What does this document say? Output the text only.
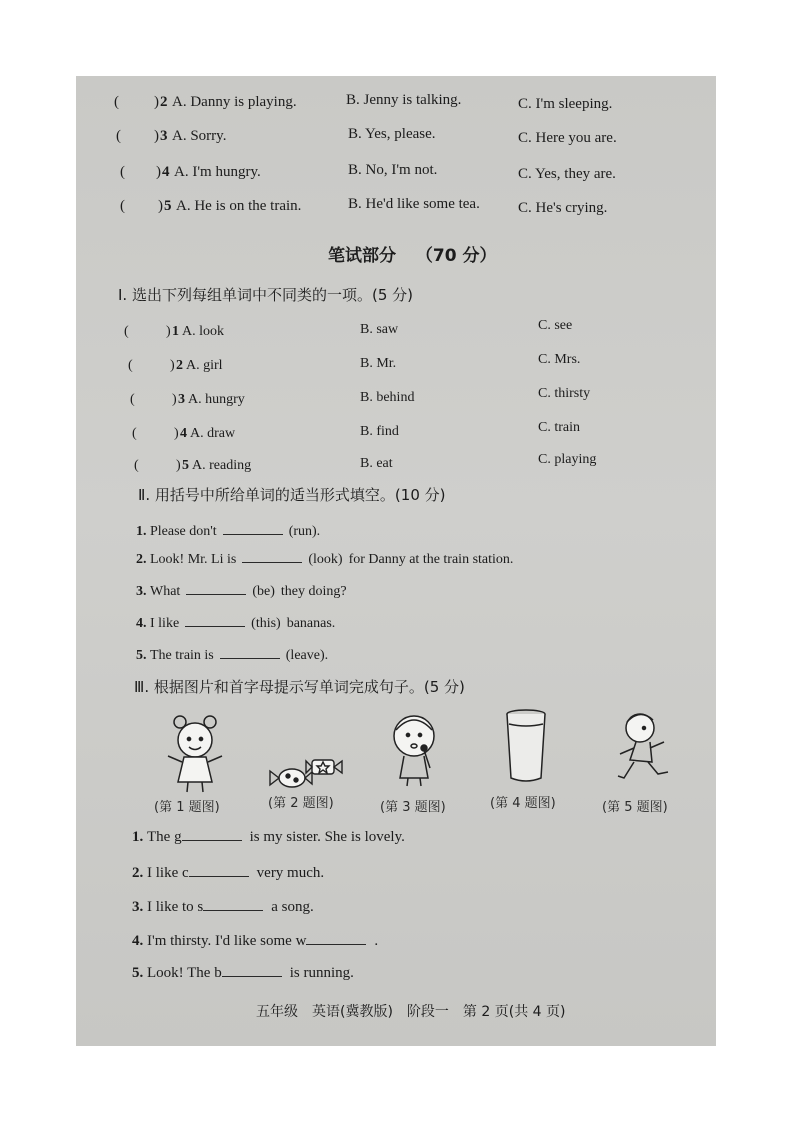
( ) 2 A. Danny is playing.	B. Jenny is talking.	C. I'm sleeping.
( ) 3 A. Sorry.	B. Yes, please.	C. Here you are.
( ) 4 A. I'm hungry.	B. No, I'm not.	C. Yes, they are.
( ) 5 A. He is on the train.	B. He'd like some tea.	C. He's crying.
笔试部分 （70 分）
Ⅰ. 选出下列每组单词中不同类的一项。(5 分)
(	) 1 A. look	B. saw	C. see
(	) 2 A. girl	B. Mr.	C. Mrs.
(	) 3 A. hungry	B. behind	C. thirsty
(	) 4 A. draw	B. find	C. train
(	) 5 A. reading	B. eat	C. playing
Ⅱ. 用括号中所给单词的适当形式填空。(10 分)
1. Please don't	(run).
2. Look! Mr. Li is	(look) for Danny at the train station.
3. What	(be) they doing?
4. I like	(this) bananas.
5. The train is	(leave).
Ⅲ. 根据图片和首字母提示写单词完成句子。(5 分)
(第 1 题图)	(第 2 题图)	(第 3 题图)	(第 4 题图)	(第 5 题图)
1. The g	is my sister. She is lovely.
2. I like c	very much.
3. I like to s	a song.
4. I'm thirsty. I'd like some w	.
5. Look! The b	is running.
五年级　英语(冀教版)　阶段一　第 2 页(共 4 页)
